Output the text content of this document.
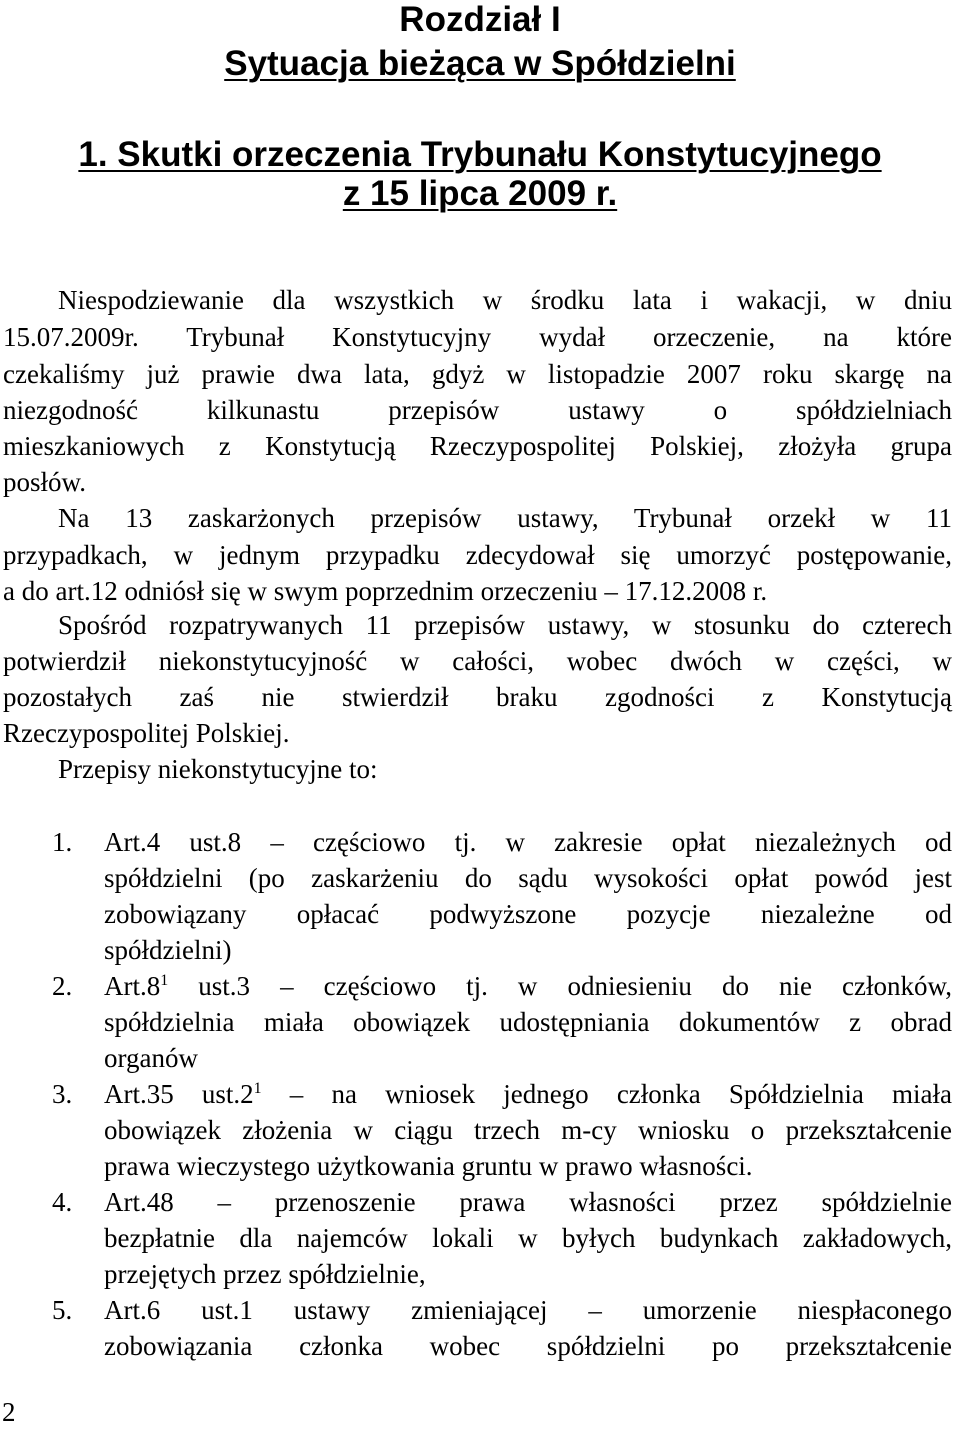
Rozdział I
Sytuacja bieżąca w Spółdzielni
1. Skutki orzeczenia Trybunału Konstytucyjnego
z 15 lipca 2009 r.
Niespodziewanie dla wszystkich w środku lata i wakacji, w dniu
15.07.2009r. Trybunał Konstytucyjny wydał orzeczenie, na które
czekaliśmy już prawie dwa lata, gdyż w listopadzie 2007 roku skargę na
niezgodność kilkunastu przepisów ustawy o spółdzielniach
mieszkaniowych z Konstytucją Rzeczypospolitej Polskiej, złożyła grupa
posłów.
Na 13 zaskarżonych przepisów ustawy, Trybunał orzekł w 11
przypadkach, w jednym przypadku zdecydował się umorzyć postępowanie,
a do art.12 odniósł się w swym poprzednim orzeczeniu – 17.12.2008 r.
Spośród rozpatrywanych 11 przepisów ustawy, w stosunku do czterech
potwierdził niekonstytucyjność w całości, wobec dwóch w części, w
pozostałych zaś nie stwierdził braku zgodności z Konstytucją
Rzeczypospolitej Polskiej.
Przepisy niekonstytucyjne to:
1. Art.4 ust.8 – częściowo tj. w zakresie opłat niezależnych od
spółdzielni (po zaskarżeniu do sądu wysokości opłat powód jest
zobowiązany opłacać podwyższone pozycje niezależne od
spółdzielni)
2. $Art.8^1$ ust.3 – częściowo tj. w odniesieniu do nie członków,
spółdzielnia miała obowiązek udostępniania dokumentów z obrad
organów
3. Art.35 $ust.2^1$ – na wniosek jednego członka Spółdzielnia miała
obowiązek złożenia w ciągu trzech m-cy wniosku o przekształcenie
prawa wieczystego użytkowania gruntu w prawo własności.
4. Art.48 – przenoszenie prawa własności przez spółdzielnie
bezpłatnie dla najemców lokali w byłych budynkach zakładowych,
przejętych przez spółdzielnie,
5. Art.6 ust.1 ustawy zmieniającej – umorzenie niespłaconego
zobowiązania członka wobec spółdzielni po przekształcenie
2
